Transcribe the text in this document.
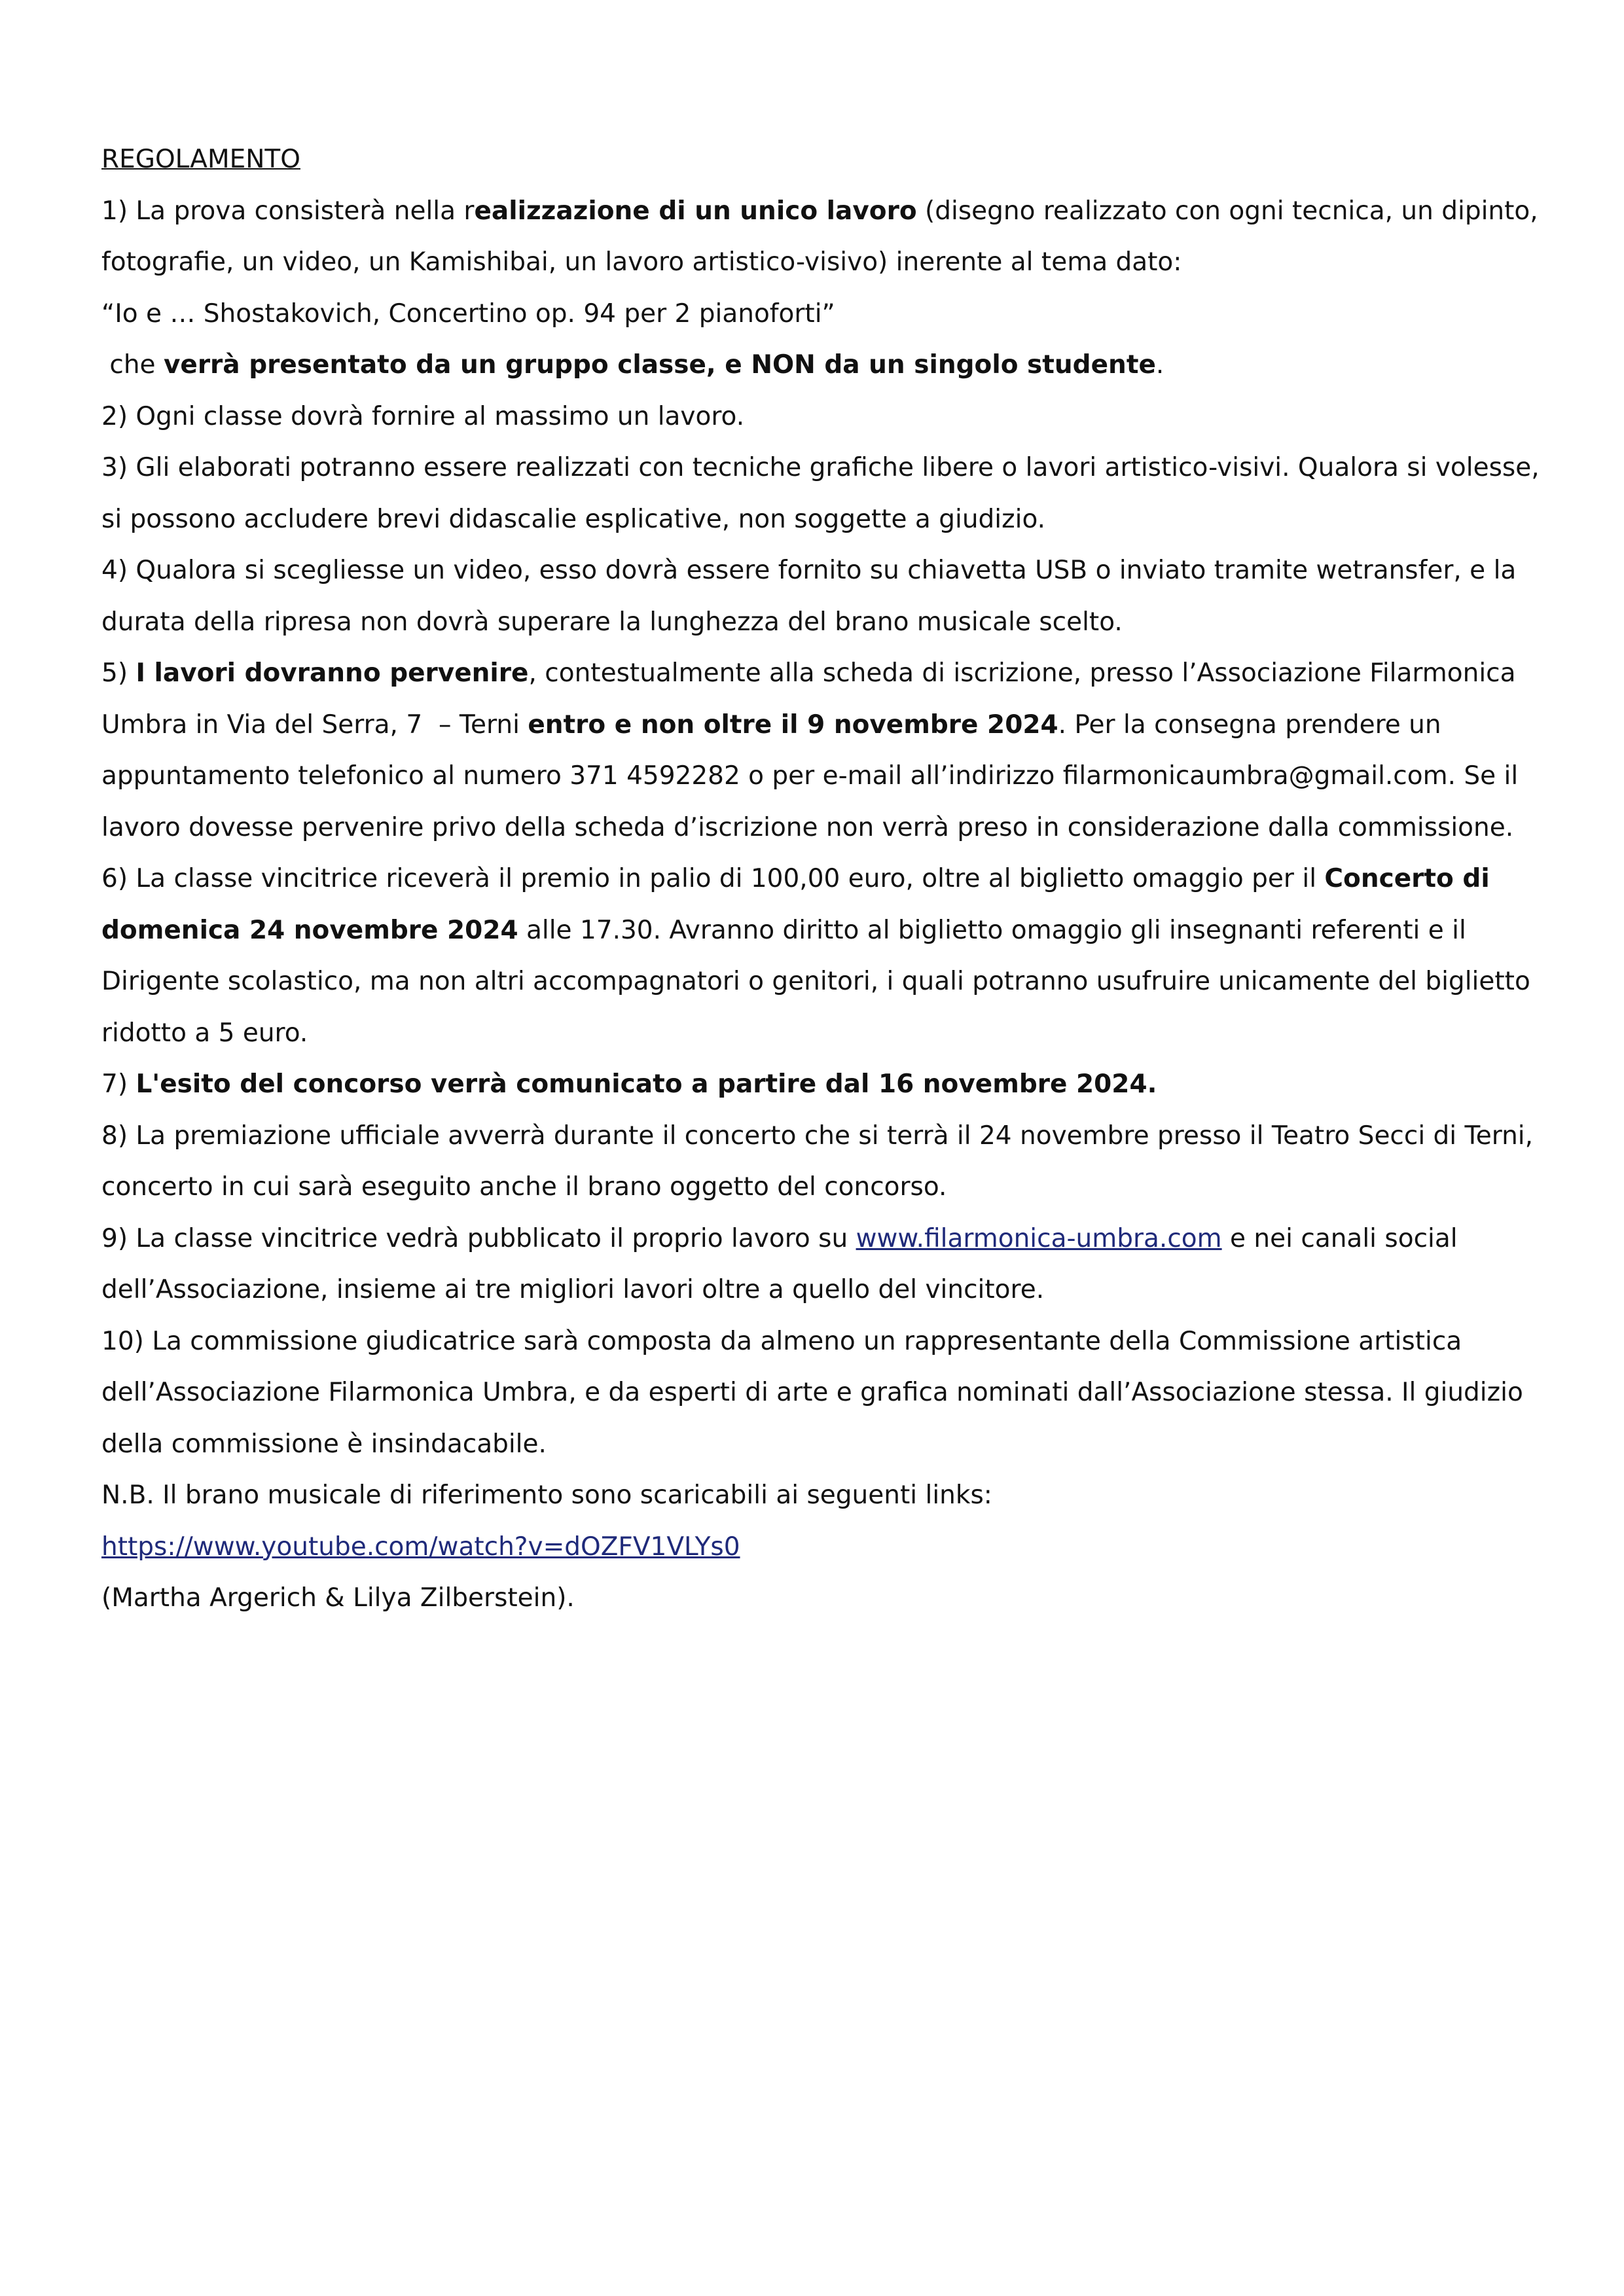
REGOLAMENTO

1) La prova consisterà nella realizzazione di un unico lavoro (disegno realizzato con ogni tecnica, un dipinto,

fotografie, un video, un Kamishibai, un lavoro artistico-visivo) inerente al tema dato:

“Io e … Shostakovich, Concertino op. 94 per 2 pianoforti”

che verrà presentato da un gruppo classe, e NON da un singolo studente.

2) Ogni classe dovrà fornire al massimo un lavoro.

3) Gli elaborati potranno essere realizzati con tecniche grafiche libere o lavori artistico-visivi. Qualora si volesse,

si possono accludere brevi didascalie esplicative, non soggette a giudizio.

4) Qualora si scegliesse un video, esso dovrà essere fornito su chiavetta USB o inviato tramite wetransfer, e la

durata della ripresa non dovrà superare la lunghezza del brano musicale scelto.

5) I lavori dovranno pervenire, contestualmente alla scheda di iscrizione, presso l’Associazione Filarmonica

Umbra in Via del Serra, 7  – Terni entro e non oltre il 9 novembre 2024. Per la consegna prendere un

appuntamento telefonico al numero 371 4592282 o per e-mail all’indirizzo filarmonicaumbra@gmail.com. Se il

lavoro dovesse pervenire privo della scheda d’iscrizione non verrà preso in considerazione dalla commissione.

6) La classe vincitrice riceverà il premio in palio di 100,00 euro, oltre al biglietto omaggio per il Concerto di

domenica 24 novembre 2024 alle 17.30. Avranno diritto al biglietto omaggio gli insegnanti referenti e il

Dirigente scolastico, ma non altri accompagnatori o genitori, i quali potranno usufruire unicamente del biglietto

ridotto a 5 euro.

7) L'esito del concorso verrà comunicato a partire dal 16 novembre 2024.

8) La premiazione ufficiale avverrà durante il concerto che si terrà il 24 novembre presso il Teatro Secci di Terni,

concerto in cui sarà eseguito anche il brano oggetto del concorso.

9) La classe vincitrice vedrà pubblicato il proprio lavoro su www.filarmonica-umbra.com e nei canali social

dell’Associazione, insieme ai tre migliori lavori oltre a quello del vincitore.

10) La commissione giudicatrice sarà composta da almeno un rappresentante della Commissione artistica

dell’Associazione Filarmonica Umbra, e da esperti di arte e grafica nominati dall’Associazione stessa. Il giudizio

della commissione è insindacabile.

N.B. Il brano musicale di riferimento sono scaricabili ai seguenti links:

https://www.youtube.com/watch?v=dOZFV1VLYs0

(Martha Argerich & Lilya Zilberstein).
